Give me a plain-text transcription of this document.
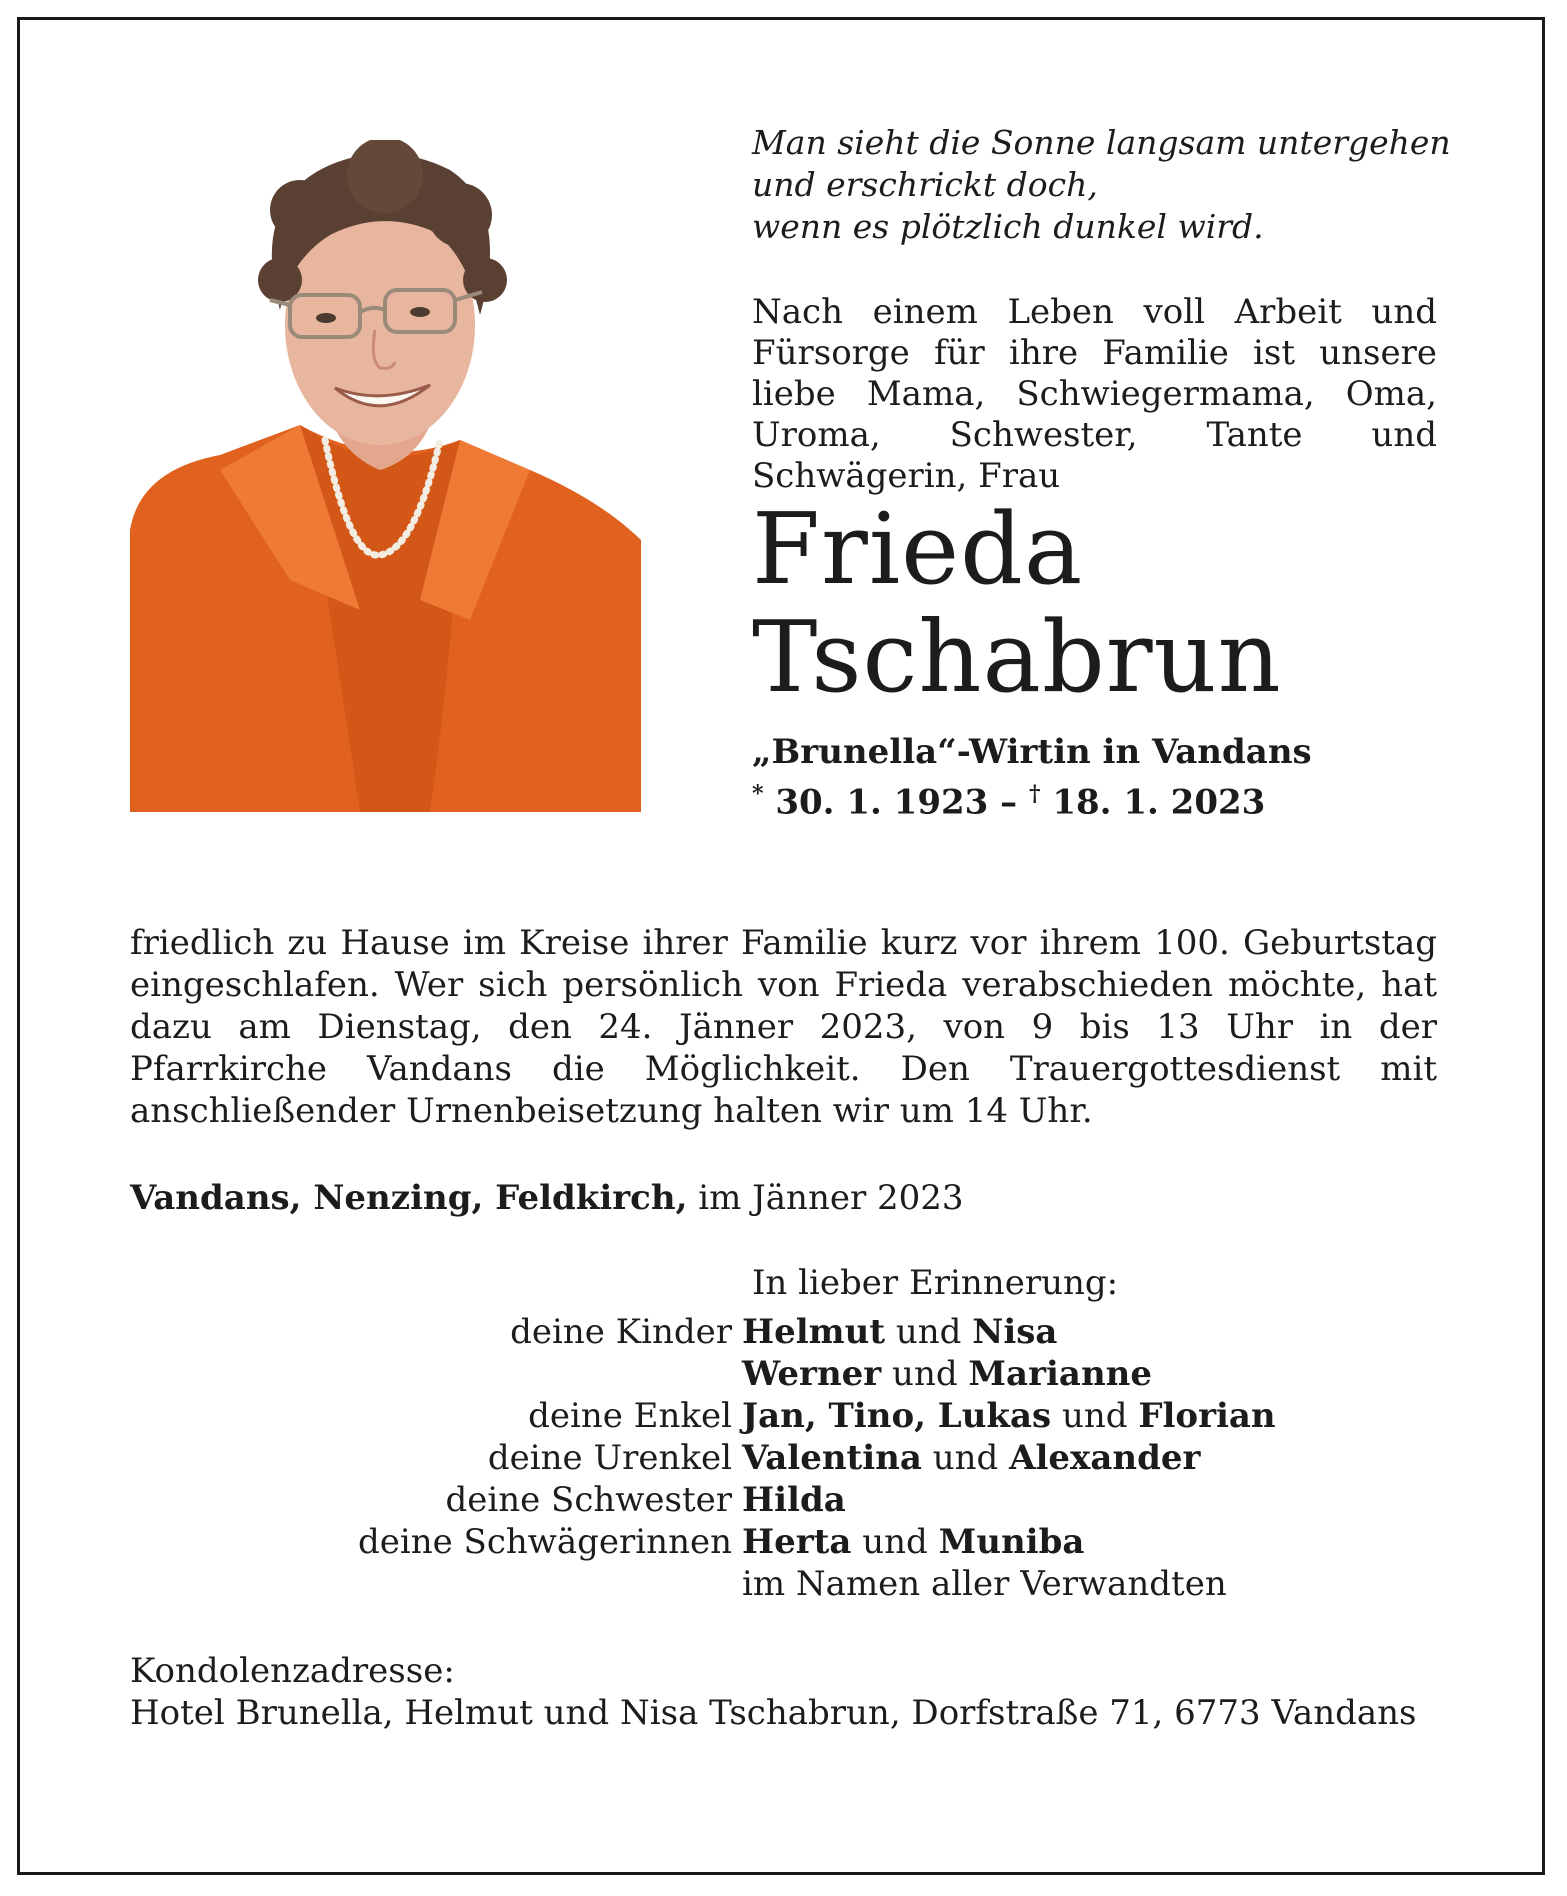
Man sieht die Sonne langsam untergehen
und erschrickt doch,
wenn es plötzlich dunkel wird.

Nach einem Leben voll Arbeit und Fürsorge für ihre Familie ist unsere liebe Mama, Schwiegermama, Oma, Uroma, Schwester, Tante und Schwägerin, Frau

Frieda
Tschabrun
„Brunella“-Wirtin in Vandans
* 30. 1. 1923 – † 18. 1. 2023

friedlich zu Hause im Kreise ihrer Familie kurz vor ihrem 100. Geburtstag eingeschlafen. Wer sich persönlich von Frieda verabschieden möchte, hat dazu am Dienstag, den 24. Jänner 2023, von 9 bis 13 Uhr in der Pfarrkirche Vandans die Möglichkeit. Den Trauergottesdienst mit anschließender Urnenbeisetzung halten wir um 14 Uhr.

Vandans, Nenzing, Feldkirch, im Jänner 2023

In lieber Erinnerung:

deine Kinder Helmut und Nisa
Werner und Marianne
deine Enkel Jan, Tino, Lukas und Florian
deine Urenkel Valentina und Alexander
deine Schwester Hilda
deine Schwägerinnen Herta und Muniba
im Namen aller Verwandten
Kondolenzadresse:
Hotel Brunella, Helmut und Nisa Tschabrun, Dorfstraße 71, 6773 Vandans
